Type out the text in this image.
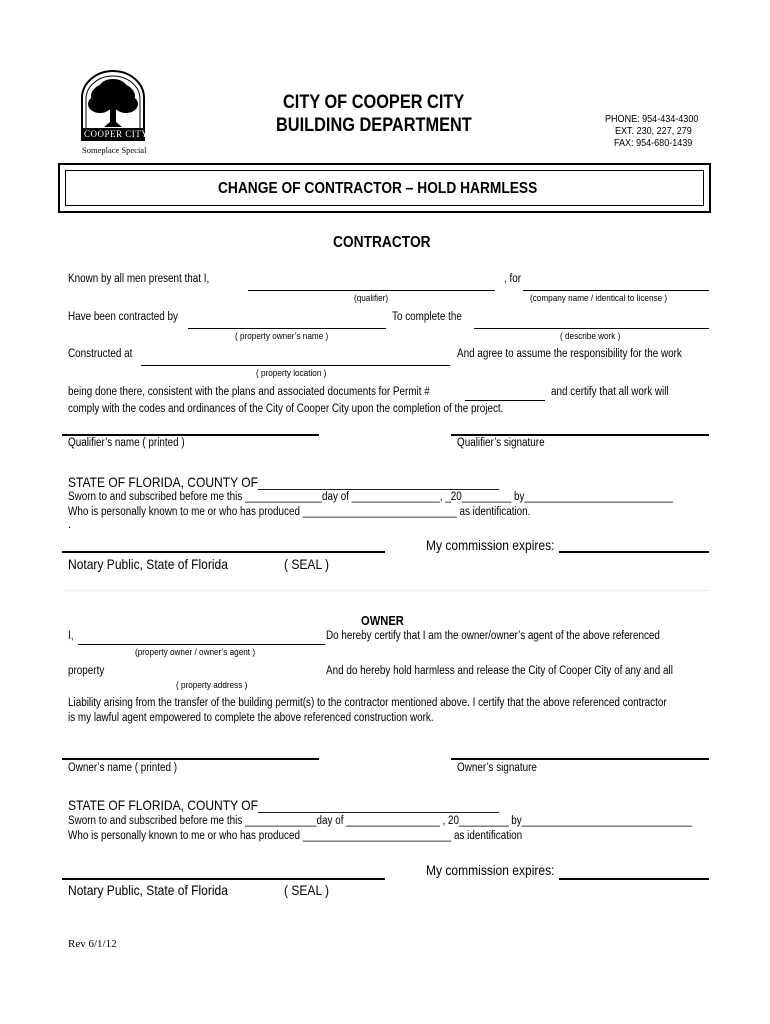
COOPER CITY
Someplace Special
CITY OF COOPER CITY
BUILDING DEPARTMENT	PHONE: 954-434-4300
EXT. 230, 227, 279
FAX: 954-680-1439
CHANGE OF CONTRACTOR – HOLD HARMLESS
CONTRACTOR
Known by all men present that I,	, for
(qualifier)	(company name / identical to license )
Have been contracted by	To complete the
( property owner’s name )	( describe work )
Constructed at	And agree to assume the responsibility for the work
( property location )
being done there, consistent with the plans and associated documents for Permit #	and certify that all work will
comply with the codes and ordinances of the City of Cooper City upon the completion of the project.
Qualifier’s name ( printed )	Qualifier’s signature
STATE OF FLORIDA, COUNTY OF____________________________________
Sworn to and subscribed before me this ______________day of ________________, _20_________ by___________________________
Who is personally known to me or who has produced ____________________________ as identification.
.
My commission expires:
Notary Public, State of Florida	( SEAL )
OWNER
I,	Do hereby certify that I am the owner/owner’s agent of the above referenced
(property owner / owner’s agent )
property	And do hereby hold harmless and release the City of Cooper City of any and all
( property address )
Liability arising from the transfer of the building permit(s) to the contractor mentioned above. I certify that the above referenced contractor
is my lawful agent empowered to complete the above referenced construction work.
Owner’s name ( printed )	Owner’s signature
STATE OF FLORIDA, COUNTY OF____________________________________
Sworn to and subscribed before me this _____________day of _________________ , 20_________ by_______________________________
Who is personally known to me or who has produced ___________________________ as identification
My commission expires:
Notary Public, State of Florida	( SEAL )
Rev 6/1/12
